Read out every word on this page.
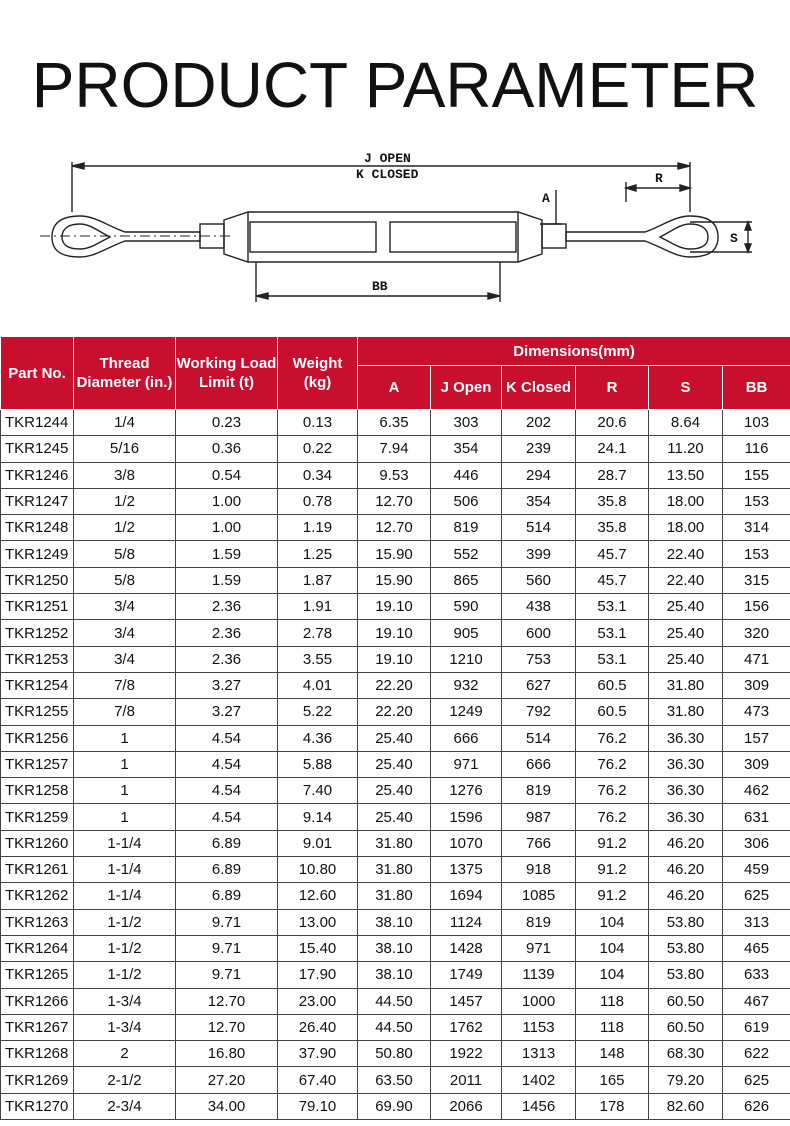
PRODUCT PARAMETER
J OPEN
K CLOSED	R
A
S
BB
Part No.	Thread Diameter (in.)	Working Load Limit (t)	Weight (kg)	Dimensions(mm)					
				A	J Open	K Closed	R	S	BB
TKR1244	1/4	0.23	0.13	6.35	303	202	20.6	8.64	103
TKR1245	5/16	0.36	0.22	7.94	354	239	24.1	11.20	116
TKR1246	3/8	0.54	0.34	9.53	446	294	28.7	13.50	155
TKR1247	1/2	1.00	0.78	12.70	506	354	35.8	18.00	153
TKR1248	1/2	1.00	1.19	12.70	819	514	35.8	18.00	314
TKR1249	5/8	1.59	1.25	15.90	552	399	45.7	22.40	153
TKR1250	5/8	1.59	1.87	15.90	865	560	45.7	22.40	315
TKR1251	3/4	2.36	1.91	19.10	590	438	53.1	25.40	156
TKR1252	3/4	2.36	2.78	19.10	905	600	53.1	25.40	320
TKR1253	3/4	2.36	3.55	19.10	1210	753	53.1	25.40	471
TKR1254	7/8	3.27	4.01	22.20	932	627	60.5	31.80	309
TKR1255	7/8	3.27	5.22	22.20	1249	792	60.5	31.80	473
TKR1256	1	4.54	4.36	25.40	666	514	76.2	36.30	157
TKR1257	1	4.54	5.88	25.40	971	666	76.2	36.30	309
TKR1258	1	4.54	7.40	25.40	1276	819	76.2	36.30	462
TKR1259	1	4.54	9.14	25.40	1596	987	76.2	36.30	631
TKR1260	1-1/4	6.89	9.01	31.80	1070	766	91.2	46.20	306
TKR1261	1-1/4	6.89	10.80	31.80	1375	918	91.2	46.20	459
TKR1262	1-1/4	6.89	12.60	31.80	1694	1085	91.2	46.20	625
TKR1263	1-1/2	9.71	13.00	38.10	1124	819	104	53.80	313
TKR1264	1-1/2	9.71	15.40	38.10	1428	971	104	53.80	465
TKR1265	1-1/2	9.71	17.90	38.10	1749	1139	104	53.80	633
TKR1266	1-3/4	12.70	23.00	44.50	1457	1000	118	60.50	467
TKR1267	1-3/4	12.70	26.40	44.50	1762	1153	118	60.50	619
TKR1268	2	16.80	37.90	50.80	1922	1313	148	68.30	622
TKR1269	2-1/2	27.20	67.40	63.50	2011	1402	165	79.20	625
TKR1270	2-3/4	34.00	79.10	69.90	2066	1456	178	82.60	626
